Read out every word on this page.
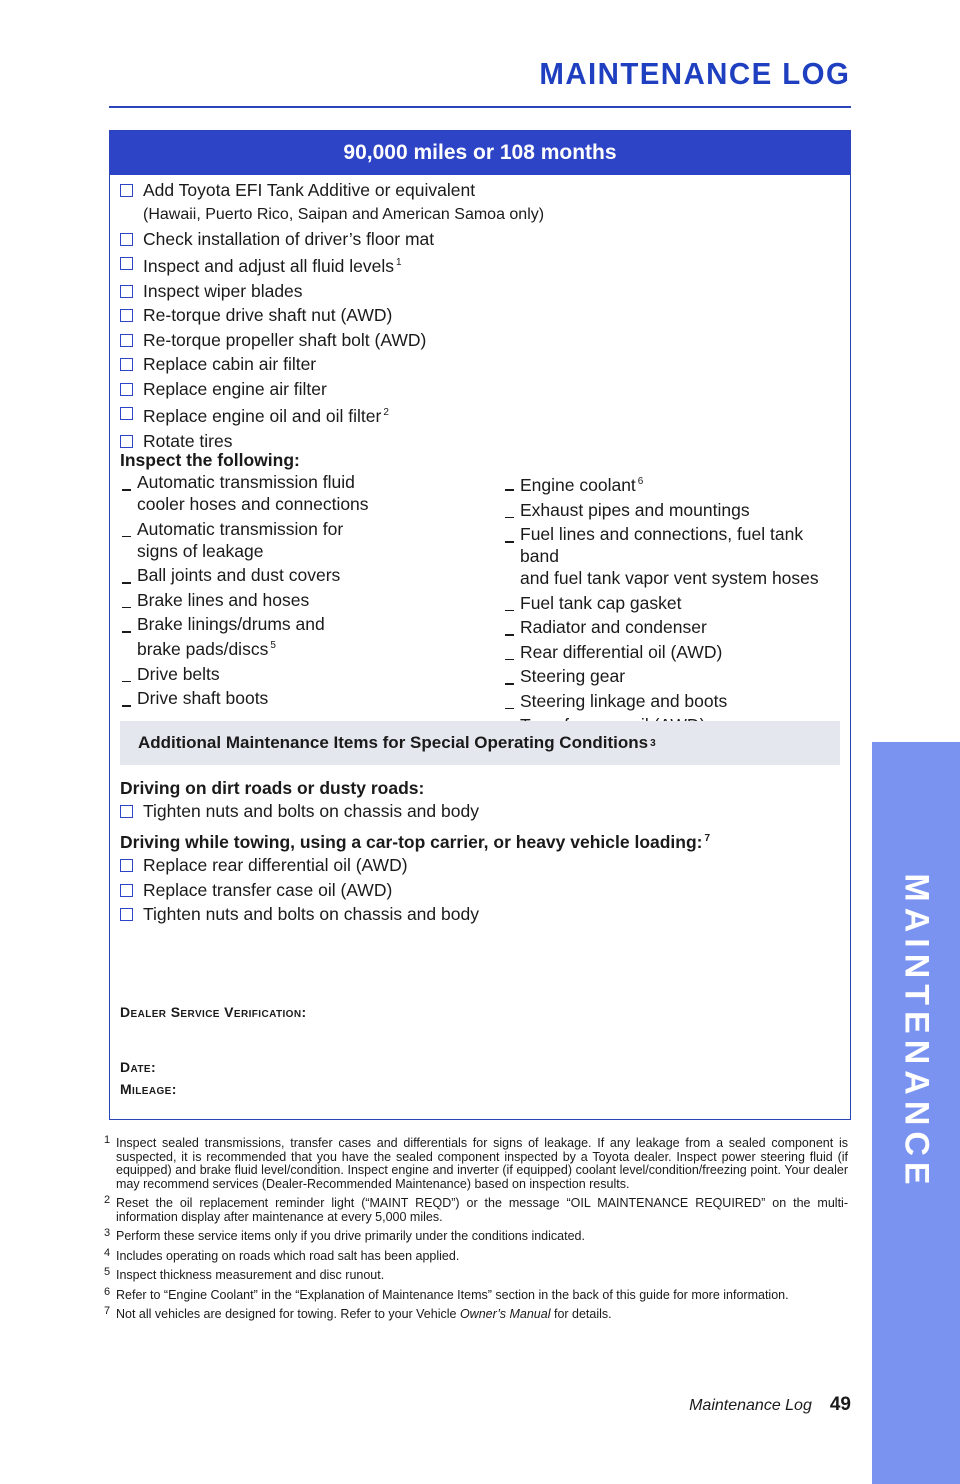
MAINTENANCE LOG
MAINTENANCE
90,000 miles or 108 months
Add Toyota EFI Tank Additive or equivalent
(Hawaii, Puerto Rico, Saipan and American Samoa only)
Check installation of driver’s floor mat
Inspect and adjust all fluid levels $^1$
Inspect wiper blades
Re-torque drive shaft nut (AWD)
Re-torque propeller shaft bolt (AWD)
Replace cabin air filter
Replace engine air filter
Replace engine oil and oil filter $^2$
Rotate tires
Inspect the following:
Automatic transmission fluid
cooler hoses and connections
Automatic transmission for
signs of leakage
Ball joints and dust covers
Brake lines and hoses
Brake linings/drums and
brake pads/discs $^5$
Drive belts
Drive shaft boots
Engine coolant $^6$
Exhaust pipes and mountings
Fuel lines and connections, fuel tank band
and fuel tank vapor vent system hoses
Fuel tank cap gasket
Radiator and condenser
Rear differential oil (AWD)
Steering gear
Steering linkage and boots
Additional Maintenance Items for Special Operating Conditions 3
Driving on dirt roads or dusty roads:
Tighten nuts and bolts on chassis and body
Driving while towing, using a car-top carrier, or heavy vehicle loading: $^7$
Replace rear differential oil (AWD)
Replace transfer case oil (AWD)
Tighten nuts and bolts on chassis and body
Dealer Service Verification:
Date:
Mileage:
1 Inspect sealed transmissions, transfer cases and differentials for signs of leakage. If any leakage from a sealed component is suspected, it is recommended that you have the sealed component inspected by a Toyota dealer. Inspect power steering fluid (if equipped) and brake fluid level/condition. Inspect engine and inverter (if equipped) coolant level/condition/freezing point. Your dealer may recommend services (Dealer-Recommended Maintenance) based on inspection results.
2 Reset the oil replacement reminder light (“MAINT REQD”) or the message “OIL MAINTENANCE REQUIRED” on the multi-information display after maintenance at every 5,000 miles.
3 Perform these service items only if you drive primarily under the conditions indicated.
4 Includes operating on roads which road salt has been applied.
5 Inspect thickness measurement and disc runout.
6 Refer to “Engine Coolant” in the “Explanation of Maintenance Items” section in the back of this guide for more information.
7 Not all vehicles are designed for towing. Refer to your Vehicle Owner’s Manual for details.
Maintenance Log 49
